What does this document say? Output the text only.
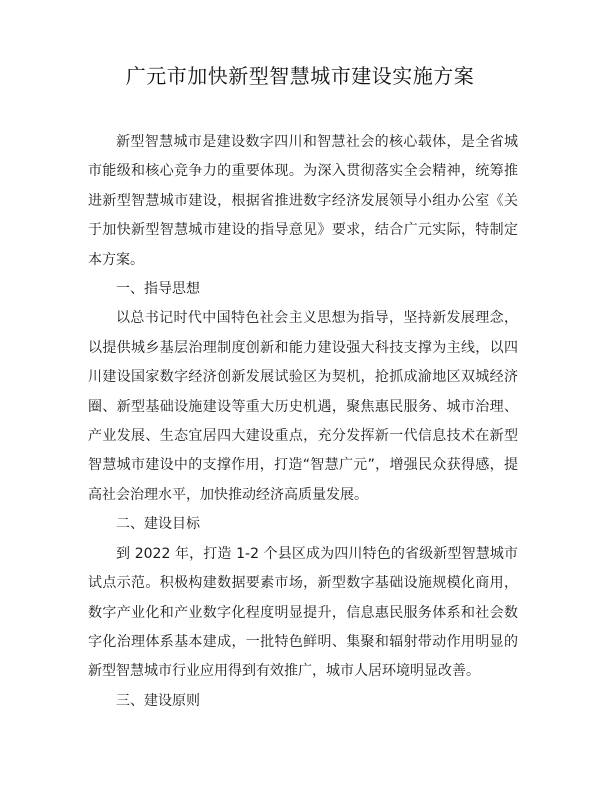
广元市加快新型智慧城市建设实施方案

新型智慧城市是建设数字四川和智慧社会的核心载体，是全省城市能级和核心竞争力的重要体现。为深入贯彻落实全会精神，统筹推进新型智慧城市建设，根据省推进数字经济发展领导小组办公室《关于加快新型智慧城市建设的指导意见》要求，结合广元实际，特制定本方案。

一、指导思想

以总书记时代中国特色社会主义思想为指导，坚持新发展理念，以提供城乡基层治理制度创新和能力建设强大科技支撑为主线，以四川建设国家数字经济创新发展试验区为契机，抢抓成渝地区双城经济圈、新型基础设施建设等重大历史机遇，聚焦惠民服务、城市治理、产业发展、生态宜居四大建设重点，充分发挥新一代信息技术在新型智慧城市建设中的支撑作用，打造“智慧广元”，增强民众获得感，提高社会治理水平，加快推动经济高质量发展。

二、建设目标

到 2022 年，打造 1-2 个县区成为四川特色的省级新型智慧城市试点示范。积极构建数据要素市场，新型数字基础设施规模化商用，数字产业化和产业数字化程度明显提升，信息惠民服务体系和社会数字化治理体系基本建成，一批特色鲜明、集聚和辐射带动作用明显的新型智慧城市行业应用得到有效推广，城市人居环境明显改善。

三、建设原则
